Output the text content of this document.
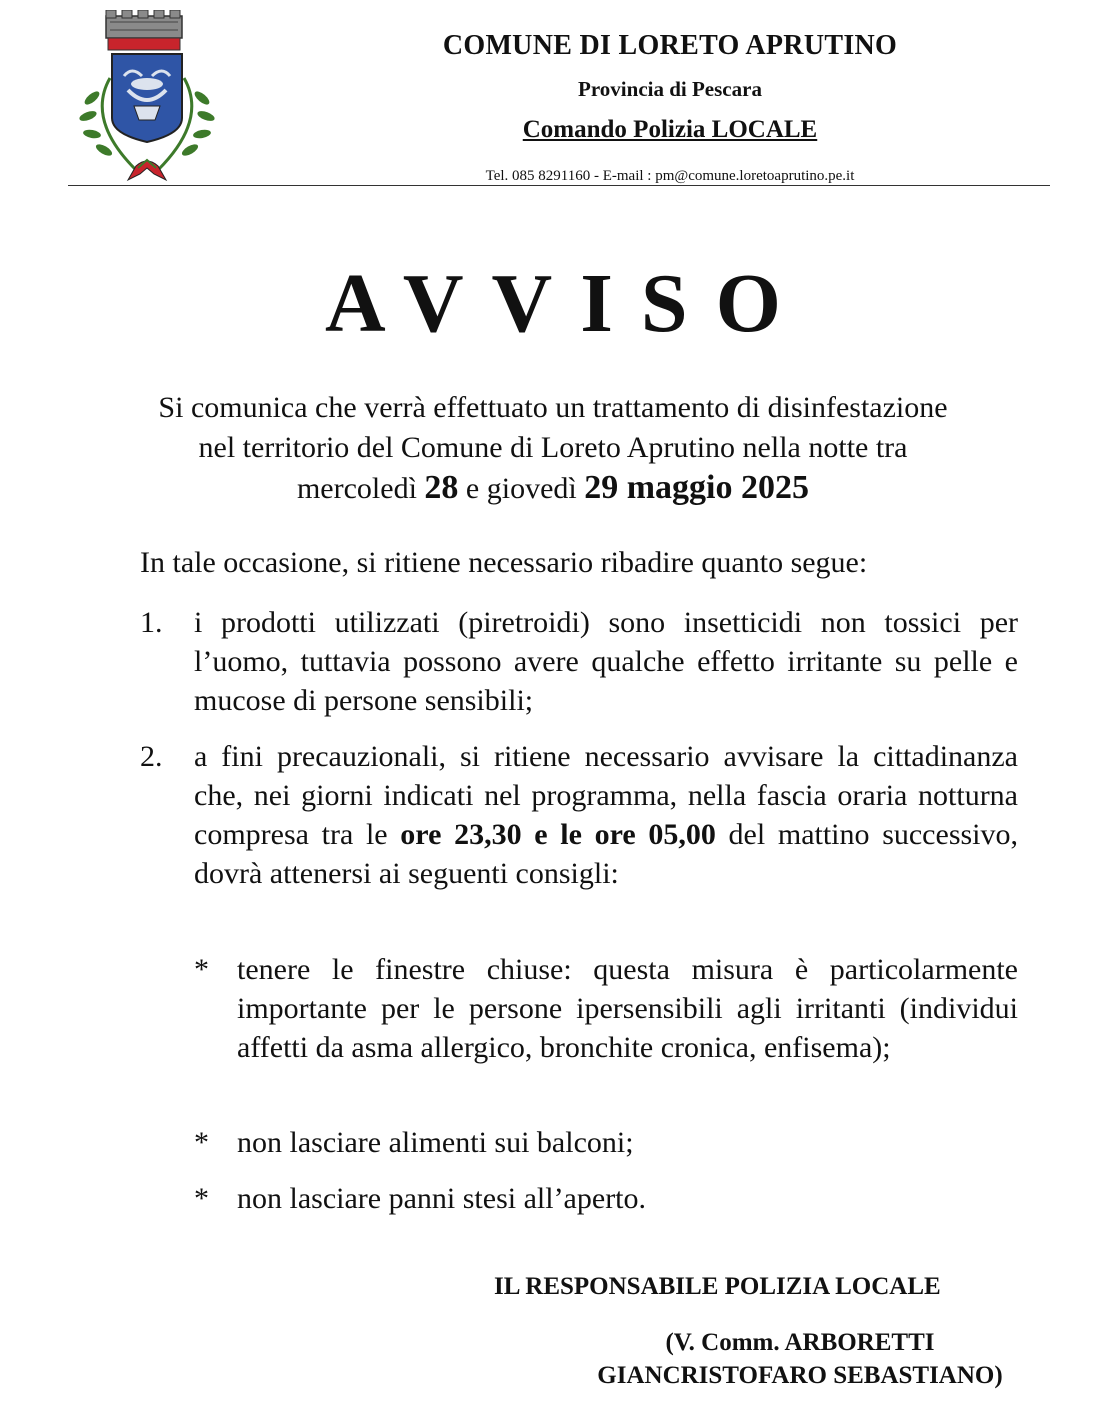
COMUNE DI LORETO APRUTINO
Provincia di Pescara
Comando Polizia LOCALE
Tel. 085 8291160 - E-mail : pm@comune.loretoaprutino.pe.it
AVVISO
Si comunica che verrà effettuato un trattamento di disinfestazione
nel territorio del Comune di Loreto Aprutino nella notte tra
mercoledì 28 e giovedì 29 maggio 2025
In tale occasione, si ritiene necessario ribadire quanto segue:
1. i prodotti utilizzati (piretroidi) sono insetticidi non tossici per l’uomo, tuttavia possono avere qualche effetto irritante su pelle e mucose di persone sensibili;
2. a fini precauzionali, si ritiene necessario avvisare la cittadinanza che, nei giorni indicati nel programma, nella fascia oraria notturna compresa tra le ore 23,30 e le ore 05,00 del mattino successivo, dovrà attenersi ai seguenti consigli:
* tenere le finestre chiuse: questa misura è particolarmente importante per le persone ipersensibili agli irritanti (individui affetti da asma allergico, bronchite cronica, enfisema);
* non lasciare alimenti sui balconi;
* non lasciare panni stesi all’aperto.
IL RESPONSABILE POLIZIA LOCALE
(V. Comm. ARBORETTI
GIANCRISTOFARO SEBASTIANO)
